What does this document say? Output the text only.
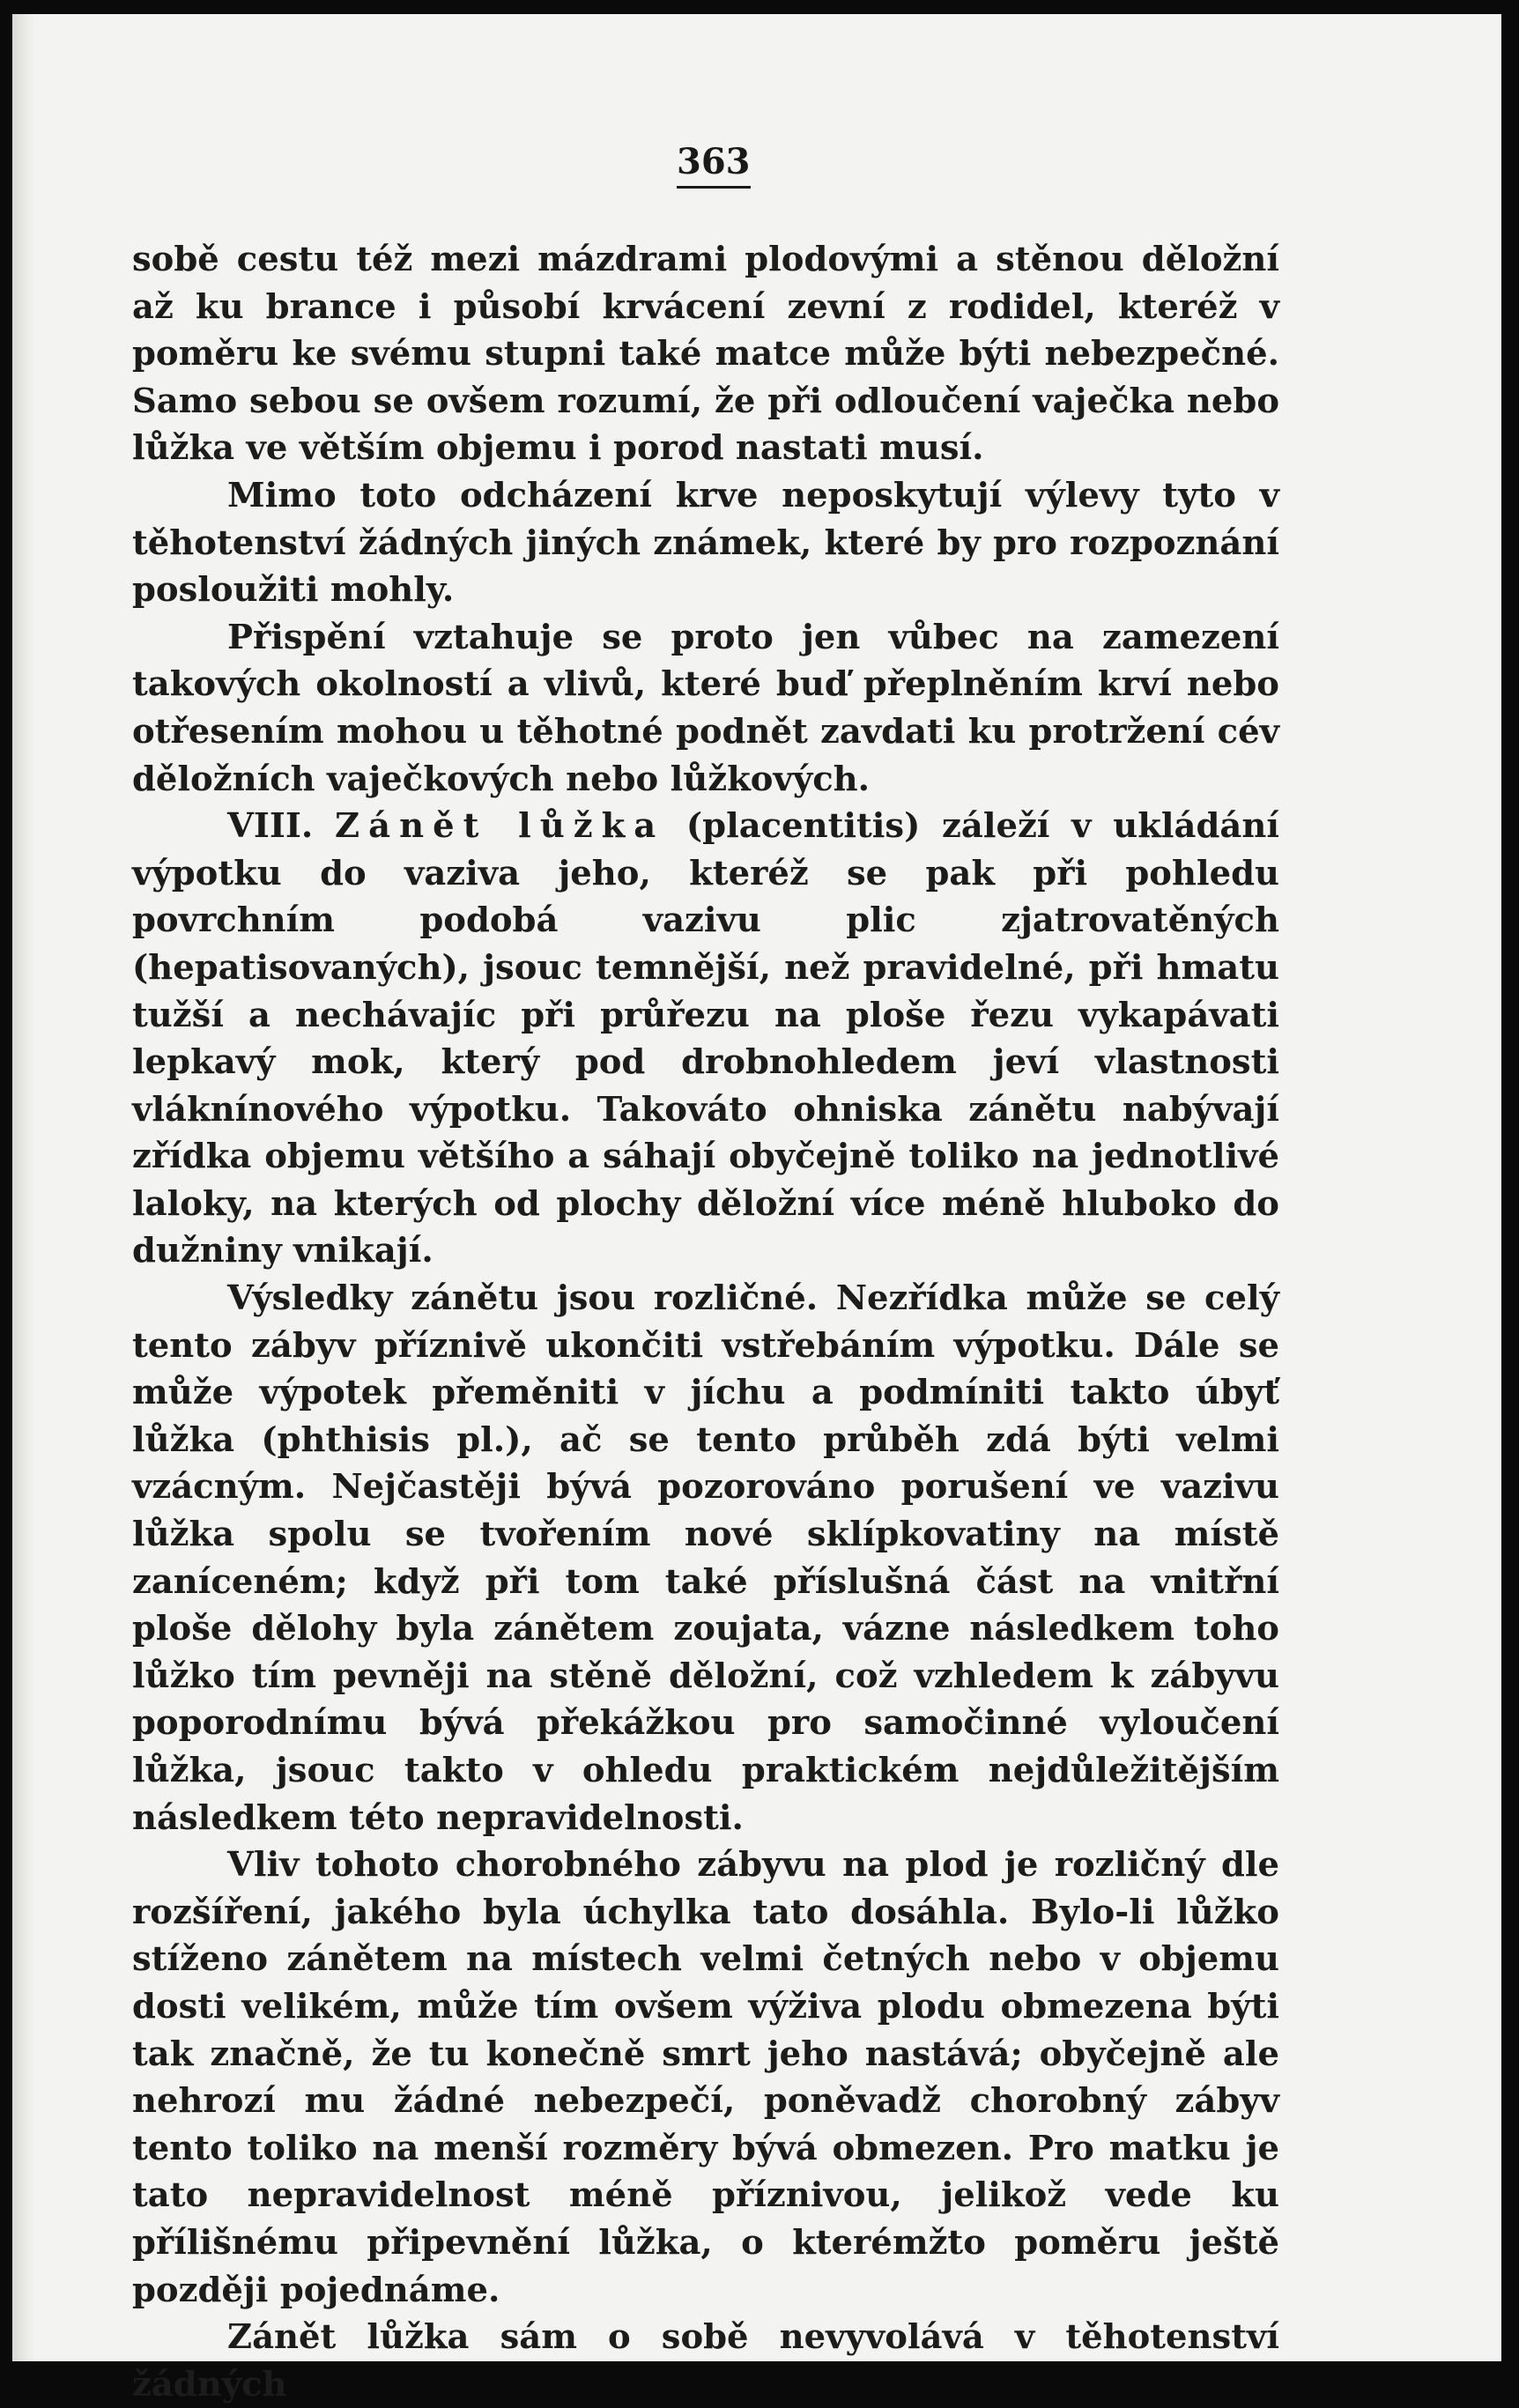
363

sobě cestu též mezi mázdrami plodovými a stěnou děložní až ku brance i působí krvácení zevní z rodidel, kteréž v poměru ke svému stupni také matce může býti nebezpečné. Samo sebou se ovšem rozumí, že při odloučení vaječka nebo lůžka ve větším objemu i porod nastati musí.

Mimo toto odcházení krve neposkytují výlevy tyto v těhotenství žádných jiných známek, které by pro rozpoznání posloužiti mohly.

Přispění vztahuje se proto jen vůbec na zamezení takových okolností a vlivů, které buď přeplněním krví nebo otřesením mohou u těhotné podnět zavdati ku protržení cév děložních vaječkových nebo lůžkových.

VIII. Zánět lůžka (placentitis) záleží v ukládání výpotku do vaziva jeho, kteréž se pak při pohledu povrchním podobá vazivu plic zjatrovatěných (hepatisovaných), jsouc temnější, než pravidelné, při hmatu tužší a nechávajíc při průřezu na ploše řezu vykapávati lepkavý mok, který pod drobnohledem jeví vlastnosti vláknínového výpotku. Takováto ohniska zánětu nabývají zřídka objemu většího a sáhají obyčejně toliko na jednotlivé laloky, na kterých od plochy děložní více méně hluboko do dužniny vnikají.

Výsledky zánětu jsou rozličné. Nezřídka může se celý tento zábyv příznivě ukončiti vstřebáním výpotku. Dále se může výpotek přeměniti v jíchu a podmíniti takto úbyť lůžka (phthisis pl.), ač se tento průběh zdá býti velmi vzácným. Nejčastěji bývá pozorováno porušení ve vazivu lůžka spolu se tvořením nové sklípkovatiny na místě zaníceném; když při tom také příslušná část na vnitřní ploše dělohy byla zánětem zoujata, vázne následkem toho lůžko tím pevněji na stěně děložní, což vzhledem k zábyvu poporodnímu bývá překážkou pro samočinné vyloučení lůžka, jsouc takto v ohledu praktickém nejdůležitějším následkem této nepravidelnosti.

Vliv tohoto chorobného zábyvu na plod je rozličný dle rozšíření, jakého byla úchylka tato dosáhla. Bylo-li lůžko stíženo zánětem na místech velmi četných nebo v objemu dosti velikém, může tím ovšem výživa plodu obmezena býti tak značně, že tu konečně smrt jeho nastává; obyčejně ale nehrozí mu žádné nebezpečí, poněvadž chorobný zábyv tento toliko na menší rozměry bývá obmezen. Pro matku je tato nepravidelnost méně příznivou, jelikož vede ku přílišnému připevnění lůžka, o kterémžto poměru ještě později pojednáme.

Zánět lůžka sám o sobě nevyvolává v těhotenství žádných
